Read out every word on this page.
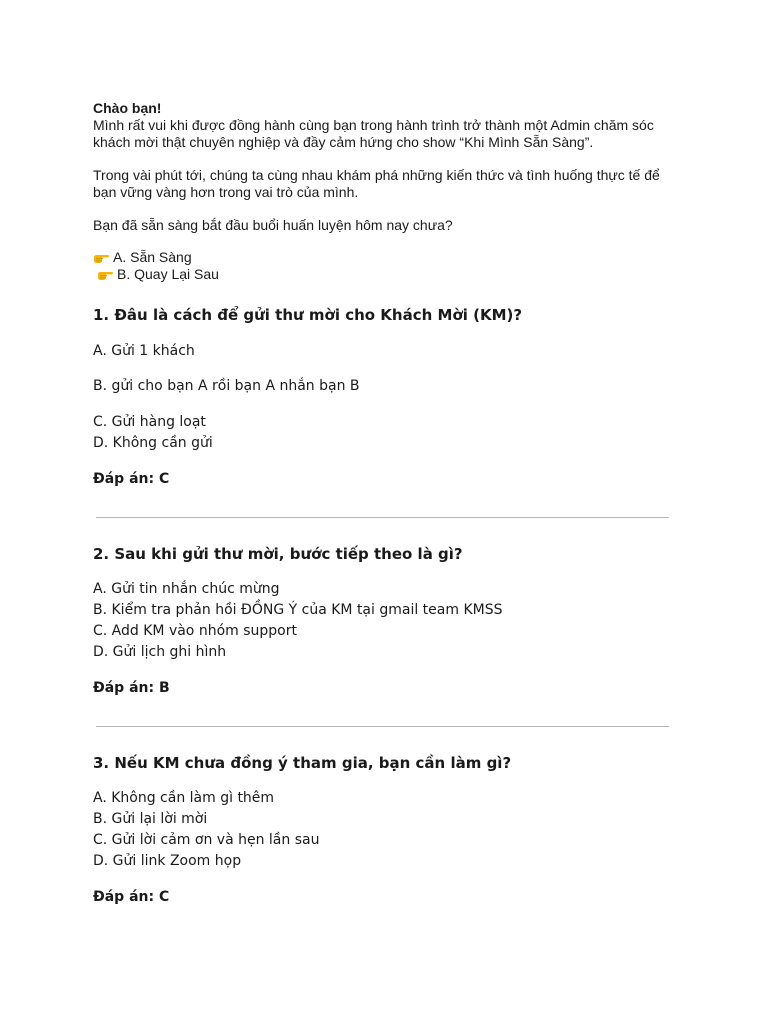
Chào bạn!

Mình rất vui khi được đồng hành cùng bạn trong hành trình trở thành một Admin chăm sóc

khách mời thật chuyên nghiệp và đầy cảm hứng cho show “Khi Mình Sẵn Sàng”.

Trong vài phút tới, chúng ta cùng nhau khám phá những kiến thức và tình huống thực tế để

bạn vững vàng hơn trong vai trò của mình.

Bạn đã sẵn sàng bắt đầu buổi huấn luyện hôm nay chưa?

A. Sẵn Sàng
B. Quay Lại Sau

1. Đâu là cách để gửi thư mời cho Khách Mời (KM)?

A. Gửi 1 khách

B. gửi cho bạn A rồi bạn A nhắn bạn B

C. Gửi hàng loạt

D. Không cần gửi

Đáp án: C

2. Sau khi gửi thư mời, bước tiếp theo là gì?

A. Gửi tin nhắn chúc mừng

B. Kiểm tra phản hồi ĐỒNG Ý của KM tại gmail team KMSS

C. Add KM vào nhóm support

D. Gửi lịch ghi hình

Đáp án: B

3. Nếu KM chưa đồng ý tham gia, bạn cần làm gì?

A. Không cần làm gì thêm

B. Gửi lại lời mời

C. Gửi lời cảm ơn và hẹn lần sau

D. Gửi link Zoom họp

Đáp án: C
